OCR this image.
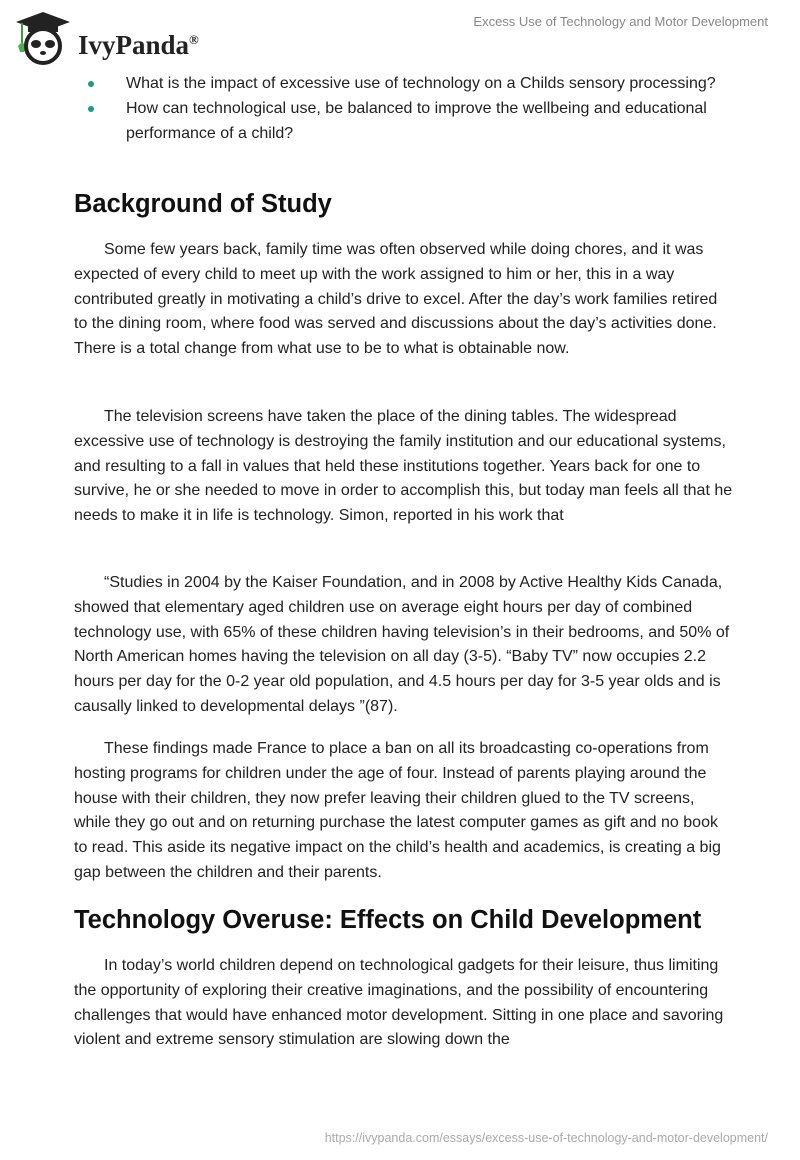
IvyPanda®
Excess Use of Technology and Motor Development
What is the impact of excessive use of technology on a Childs sensory processing?
How can technological use, be balanced to improve the wellbeing and educational performance of a child?
Background of Study

Some few years back, family time was often observed while doing chores, and it was expected of every child to meet up with the work assigned to him or her, this in a way contributed greatly in motivating a child’s drive to excel. After the day’s work families retired to the dining room, where food was served and discussions about the day’s activities done. There is a total change from what use to be to what is obtainable now.

The television screens have taken the place of the dining tables. The widespread excessive use of technology is destroying the family institution and our educational systems, and resulting to a fall in values that held these institutions together. Years back for one to survive, he or she needed to move in order to accomplish this, but today man feels all that he needs to make it in life is technology. Simon, reported in his work that

“Studies in 2004 by the Kaiser Foundation, and in 2008 by Active Healthy Kids Canada, showed that elementary aged children use on average eight hours per day of combined technology use, with 65% of these children having television’s in their bedrooms, and 50% of North American homes having the television on all day (3-5). “Baby TV” now occupies 2.2 hours per day for the 0-2 year old population, and 4.5 hours per day for 3-5 year olds and is causally linked to developmental delays ”(87).

These findings made France to place a ban on all its broadcasting co-operations from hosting programs for children under the age of four. Instead of parents playing around the house with their children, they now prefer leaving their children glued to the TV screens, while they go out and on returning purchase the latest computer games as gift and no book to read. This aside its negative impact on the child’s health and academics, is creating a big gap between the children and their parents.

Technology Overuse: Effects on Child Development

In today’s world children depend on technological gadgets for their leisure, thus limiting the opportunity of exploring their creative imaginations, and the possibility of encountering challenges that would have enhanced motor development. Sitting in one place and savoring violent and extreme sensory stimulation are slowing down the

https://ivypanda.com/essays/excess-use-of-technology-and-motor-development/
